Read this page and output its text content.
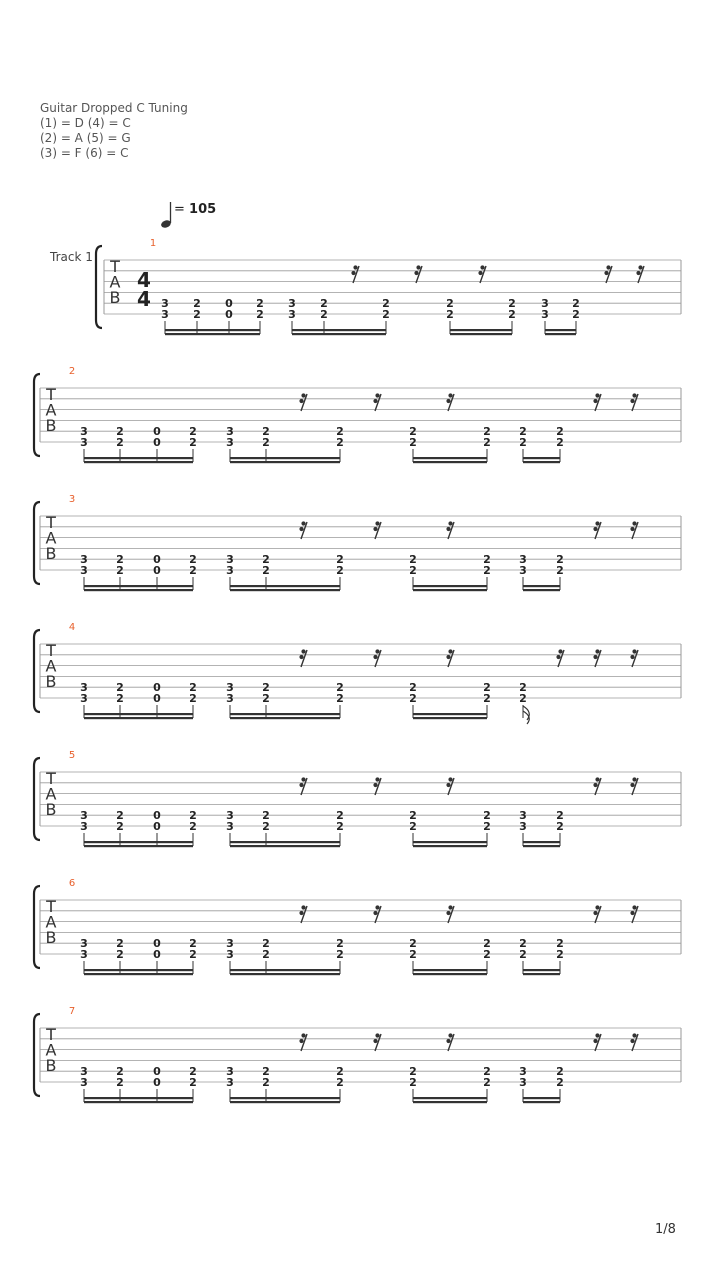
Guitar Dropped C Tuning
(1) = D (4) = C
(2) = A (5) = G
(3) = F (6) = C
= 105
Track 1 T
A
B
1
4
4 3
3
2
2
0
0
2
2
3
3
2
2
2
2
2
2
2
2
3
3
2
2
T
A
B
2
3
3
2
2
0
0
2
2
3
3
2
2
2
2
2
2
2
2
2
2
2
2
T
A
B
3
3
3
2
2
0
0
2
2
3
3
2
2
2
2
2
2
2
2
3
3
2
2
T
A
B
4
3
3
2
2
0
0
2
2
3
3
2
2
2
2
2
2
2
2
2
2
T
A
B
5
3
3
2
2
0
0
2
2
3
3
2
2
2
2
2
2
2
2
3
3
2
2
T
A
B
6
3
3
2
2
0
0
2
2
3
3
2
2
2
2
2
2
2
2
2
2
2
2
T
A
B
7
3
3
2
2
0
0
2
2
3
3
2
2
2
2
2
2
2
2
3
3
2
2
1/8
